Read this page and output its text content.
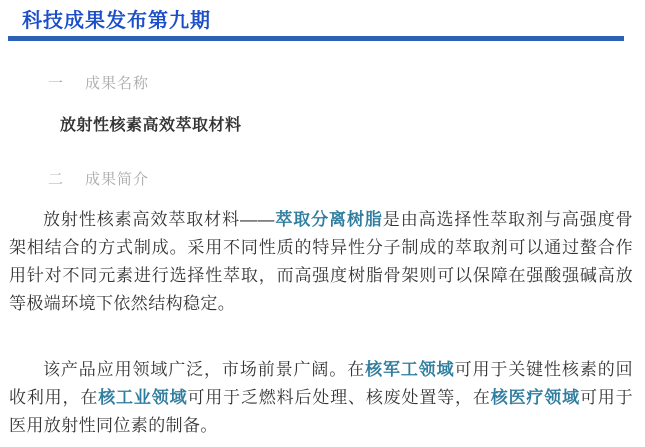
科技成果发布第九期
一	成果名称

放射性核素高效萃取材料

二	成果简介

放射性核素高效萃取材料——萃取分离树脂是由高选择性萃取剂与高强度骨架相结合的方式制成。采用不同性质的特异性分子制成的萃取剂可以通过螯合作用针对不同元素进行选择性萃取，而高强度树脂骨架则可以保障在强酸强碱高放等极端环境下依然结构稳定。

该产品应用领域广泛，市场前景广阔。在核军工领域可用于关键性核素的回收利用，在核工业领域可用于乏燃料后处理、核废处置等，在核医疗领域可用于医用放射性同位素的制备。
